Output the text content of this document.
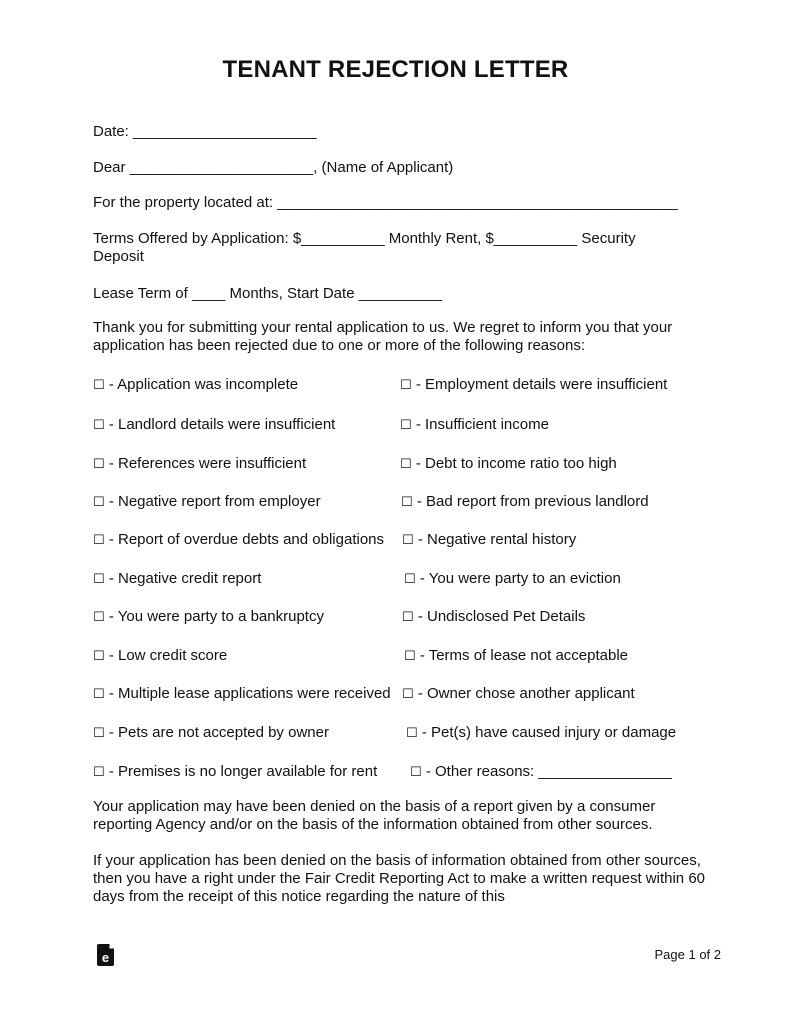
TENANT REJECTION LETTER
Date: ______________________
Dear ______________________, (Name of Applicant)
For the property located at: ________________________________________________
Terms Offered by Application: $__________ Monthly Rent, $__________ Security
Deposit
Lease Term of ____ Months, Start Date __________
Thank you for submitting your rental application to us. We regret to inform you that your application has been rejected due to one or more of the following reasons:
☐ - Application was incomplete
☐ - Landlord details were insufficient
☐ - References were insufficient
☐ - Negative report from employer
☐ - Report of overdue debts and obligations
☐ - Negative credit report
☐ - You were party to a bankruptcy
☐ - Low credit score
☐ - Multiple lease applications were received
☐ - Pets are not accepted by owner
☐ - Premises is no longer available for rent
☐ - Employment details were insufficient
☐ - Insufficient income
☐ - Debt to income ratio too high
☐ - Bad report from previous landlord
☐ - Negative rental history
☐ - You were party to an eviction
☐ - Undisclosed Pet Details
☐ - Terms of lease not acceptable
☐ - Owner chose another applicant
☐ - Pet(s) have caused injury or damage
☐ - Other reasons: ________________
Your application may have been denied on the basis of a report given by a consumer reporting Agency and/or on the basis of the information obtained from other sources.
If your application has been denied on the basis of information obtained from other sources, then you have a right under the Fair Credit Reporting Act to make a written request within 60 days from the receipt of this notice regarding the nature of this
e	Page 1 of 2
